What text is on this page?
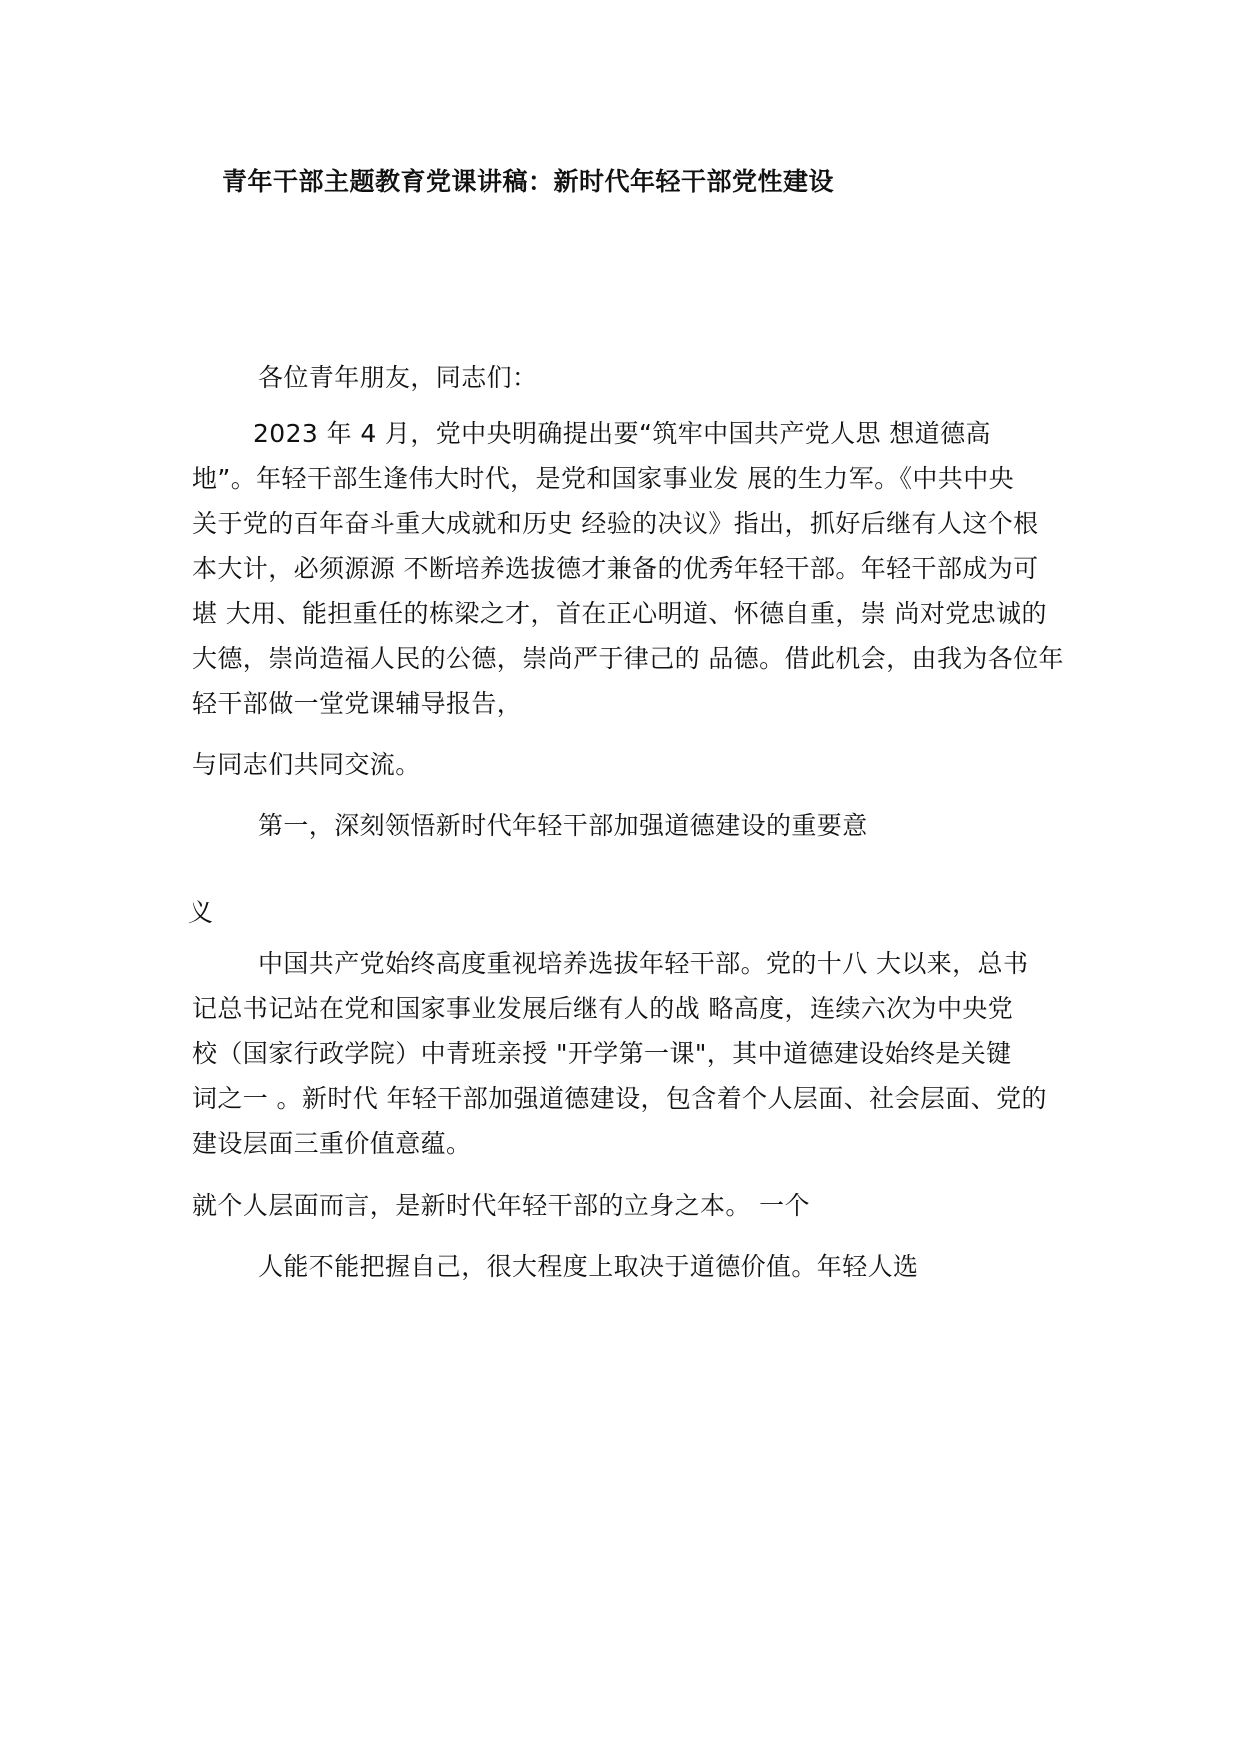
青年干部主题教育党课讲稿：新时代年轻干部党性建设
各位青年朋友，同志们：
2023 年 4 月，党中央明确提出要“筑牢中国共产党人思 想道德高
地”。年轻干部生逢伟大时代，是党和国家事业发 展的生力军。《中共中央
关于党的百年奋斗重大成就和历史 经验的决议》指出，抓好后继有人这个根
本大计，必须源源 不断培养选拔德才兼备的优秀年轻干部。年轻干部成为可
堪 大用、能担重任的栋梁之才，首在正心明道、怀德自重，崇 尚对党忠诚的
大德，崇尚造福人民的公德，崇尚严于律己的 品德。借此机会，由我为各位年
轻干部做一堂党课辅导报告，
与同志们共同交流。
第一，深刻领悟新时代年轻干部加强道德建设的重要意
义
中国共产党始终高度重视培养选拔年轻干部。党的十八 大以来，总书
记总书记站在党和国家事业发展后继有人的战 略高度，连续六次为中央党
校（国家行政学院）中青班亲授 "开学第一课"，其中道德建设始终是关键
词之一 。新时代 年轻干部加强道德建设，包含着个人层面、社会层面、党的
建设层面三重价值意蕴。
就个人层面而言，是新时代年轻干部的立身之本。 一个
人能不能把握自己，很大程度上取决于道德价值。年轻人选
